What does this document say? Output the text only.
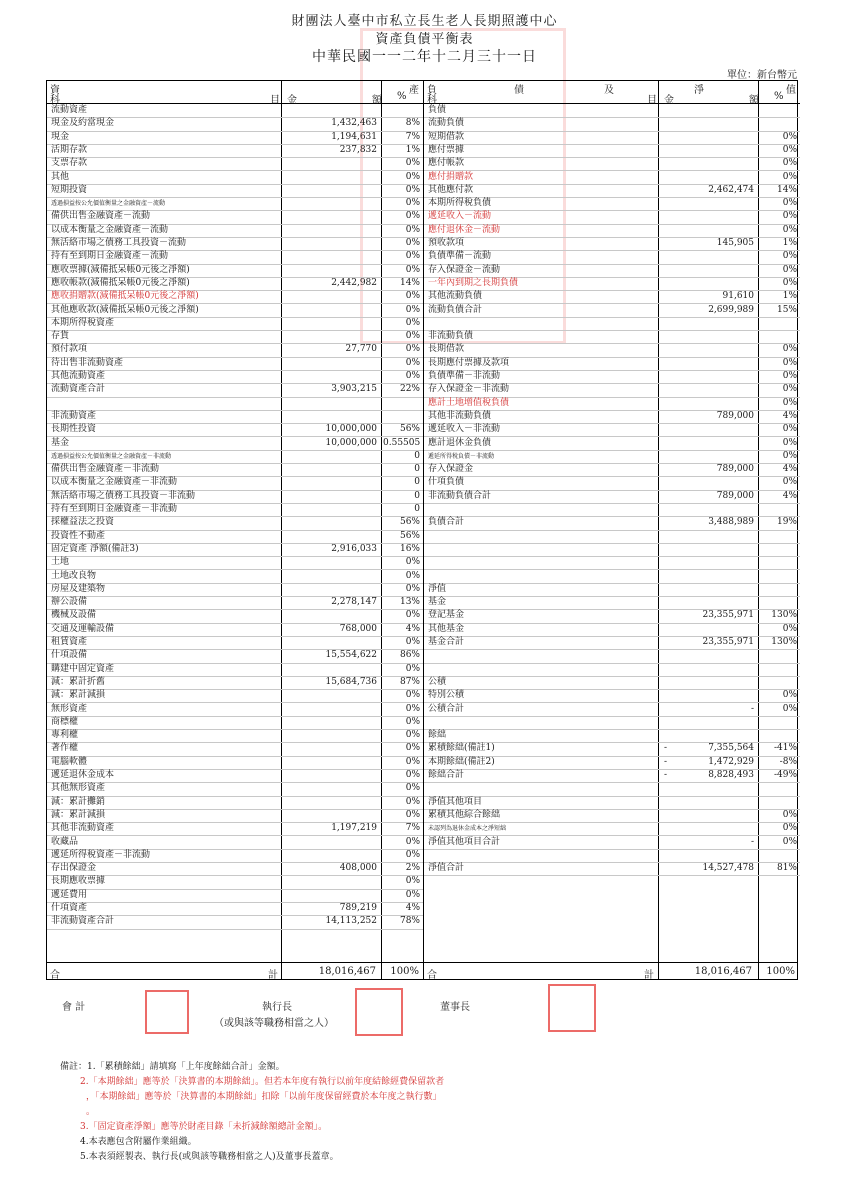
財團法人臺中市私立長生老人長期照護中心
資產負債平衡表
中華民國一一二年十二月三十一日
單位：新台幣元
資	產
科	目 金	額 %
流動資產
現金及約當現金	1,432,463	8%
現金	1,194,631	7%
活期存款	237,832	1%
支票存款	0%
其他	0%
短期投資	0%
透過損益按公允價值衡量之金融資產－流動	0%
備供出售金融資產－流動	0%
以成本衡量之金融資產－流動	0%
無活絡市場之債務工具投資－流動	0%
持有至到期日金融資產－流動	0%
應收票據(減備抵呆帳0元後之淨額)	0%
應收帳款(減備抵呆帳0元後之淨額)	2,442,982	14%
應收捐贈款(減備抵呆帳0元後之淨額)	0%
其他應收款(減備抵呆帳0元後之淨額)	0%
本期所得稅資產	0%
存貨	0%
預付款項	27,770	0%
待出售非流動資產	0%
其他流動資產	0%
流動資產合計	3,903,215	22%
非流動資產
長期性投資	10,000,000	56%
基金	10,000,000 0.55505
透過損益按公允價值衡量之金融資產－非流動	0
備供出售金融資產－非流動	0
以成本衡量之金融資產－非流動	0
無活絡市場之債務工具投資－非流動	0
持有至到期日金融資產－非流動	0
採權益法之投資	56%
投資性不動產	56%
固定資產 淨額(備註3)	2,916,033	16%
土地	0%
土地改良物	0%
房屋及建築物	0%
辦公設備	2,278,147	13%
機械及設備	0%
交通及運輸設備	768,000	4%
租賃資產	0%
什項設備	15,554,622	86%
購建中固定資產	0%
減：累計折舊	15,684,736	87%
減：累計減損	0%
無形資產	0%
商標權	0%
專利權	0%
著作權	0%
電腦軟體	0%
遞延退休金成本	0%
其他無形資產	0%
減：累計攤銷	0%
減：累計減損	0%
其他非流動資產	1,197,219	7%
收藏品	0%
遞延所得稅資產－非流動	0%
存出保證金	408,000	2%
長期應收票據	0%
遞延費用	0%
什項資產	789,219	4%
非流動資產合計	14,113,252	78%
負	債	及	淨	值
科	目 金	額 %
負債
流動負債
短期借款	0%
應付票據	0%
應付帳款	0%
應付捐贈款	0%
其他應付款	2,462,474	14%
本期所得稅負債	0%
遞延收入－流動	0%
應付退休金－流動	0%
預收款項	145,905	1%
負債準備－流動	0%
存入保證金－流動	0%
一年內到期之長期負債	0%
其他流動負債	91,610	1%
流動負債合計	2,699,989	15%
非流動負債
長期借款	0%
長期應付票據及款項	0%
負債準備－非流動	0%
存入保證金－非流動	0%
應計土地增值稅負債	0%
其他非流動負債	789,000	4%
遞延收入－非流動	0%
應計退休金負債	0%
遞延所得稅負債－非流動	0%
存入保證金	789,000	4%
什項負債	0%
非流動負債合計	789,000	4%
負債合計	3,488,989	19%
淨值
基金
登記基金	23,355,971	130%
其他基金	0%
基金合計	23,355,971	130%
公積
特別公積	0%
公積合計	-	0%
餘絀
累積餘絀(備註1)	-	7,355,564	-41%
本期餘絀(備註2)	-	1,472,929	-8%
餘絀合計	-	8,828,493	-49%
淨值其他項目
累積其他綜合餘絀	0%
未認列為退休金成本之淨短絀	0%
淨值其他項目合計	-	0%
淨值合計	14,527,478	81%
合	計	18,016,467	100% 合	計	18,016,467	100%
會 計	執行長
（或與該等職務相當之人）
董事長
備註：1.「累積餘絀」請填寫「上年度餘絀合計」金額。
2.「本期餘絀」應等於「決算書的本期餘絀」。但若本年度有執行以前年度結餘經費保留款者
，「本期餘絀」應等於「決算書的本期餘絀」扣除「以前年度保留經費於本年度之執行數」
。
3.「固定資產淨額」應等於財產目錄「未折減餘額總計金額」。
4.本表應包含附屬作業組織。
5.本表須經製表、執行長(或與該等職務相當之人)及董事長蓋章。
